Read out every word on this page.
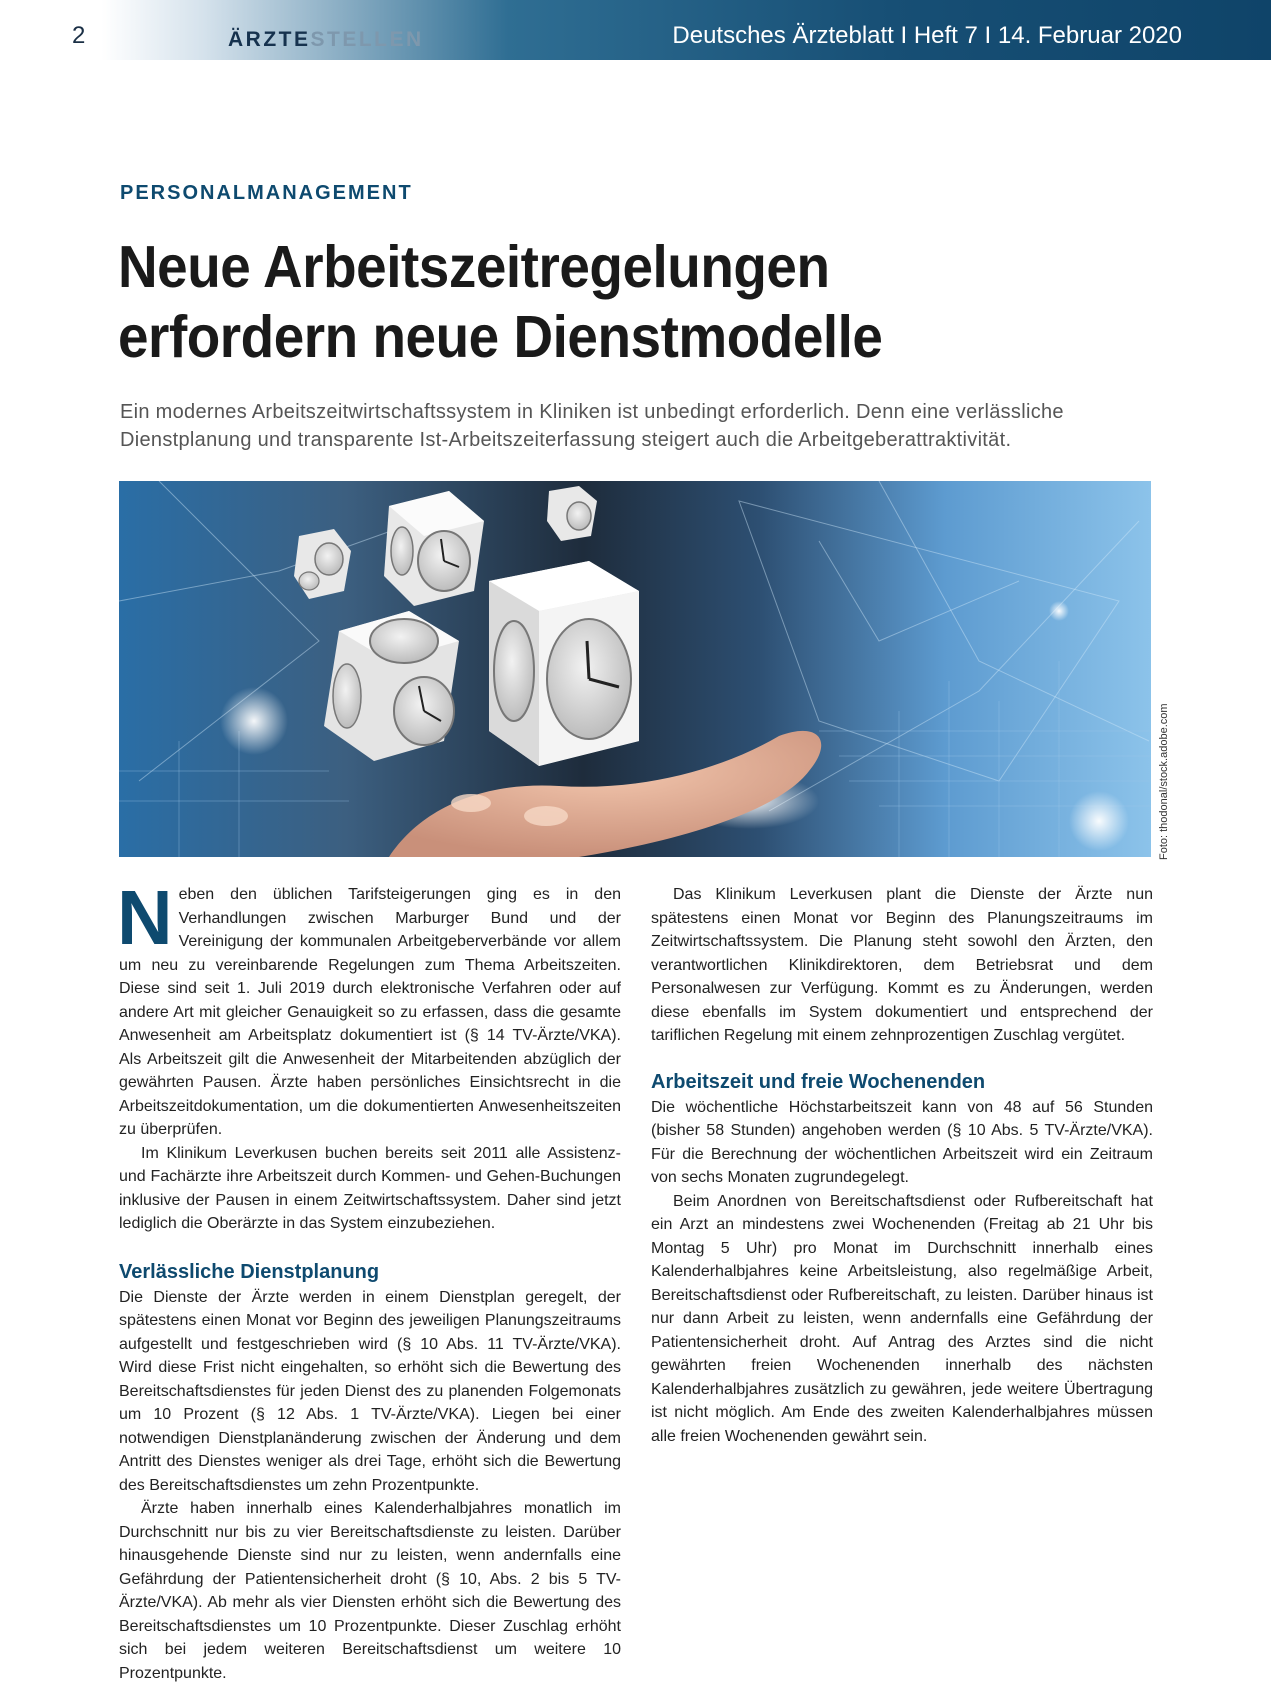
2	ÄRZTESTELLEN	Deutsches Ärzteblatt I Heft 7 I 14. Februar 2020
PERSONALMANAGEMENT
Neue Arbeitszeitregelungen
erfordern neue Dienstmodelle

Ein modernes Arbeitszeitwirtschaftssystem in Kliniken ist unbedingt erforderlich. Denn eine verlässliche Dienstplanung und transparente Ist-Arbeitszeiterfassung steigert auch die Arbeitgeberattraktivität.

Foto: thodonal/stock.adobe.com

Neben den üblichen Tarifsteigerungen ging es in den Verhandlungen zwischen Marburger Bund und der Vereinigung der kommunalen Arbeitgeberverbände vor allem um neu zu vereinbarende Regelungen zum Thema Arbeitszeiten. Diese sind seit 1. Juli 2019 durch elektronische Verfahren oder auf andere Art mit gleicher Genauigkeit so zu erfassen, dass die gesamte Anwesenheit am Arbeitsplatz dokumentiert ist (§ 14 TV-Ärzte/VKA). Als Arbeitszeit gilt die Anwesenheit der Mitarbeitenden abzüglich der gewährten Pausen. Ärzte haben persönliches Einsichtsrecht in die Arbeitszeitdokumentation, um die dokumentierten Anwesenheitszeiten zu überprüfen.

Im Klinikum Leverkusen buchen bereits seit 2011 alle Assistenz- und Fachärzte ihre Arbeitszeit durch Kommen- und Gehen-Buchungen inklusive der Pausen in einem Zeitwirtschaftssystem. Daher sind jetzt lediglich die Oberärzte in das System einzubeziehen.

Verlässliche Dienstplanung

Die Dienste der Ärzte werden in einem Dienstplan geregelt, der spätestens einen Monat vor Beginn des jeweiligen Planungszeitraums aufgestellt und festgeschrieben wird (§ 10 Abs. 11 TV-Ärzte/VKA). Wird diese Frist nicht eingehalten, so erhöht sich die Bewertung des Bereitschaftsdienstes für jeden Dienst des zu planenden Folgemonats um 10 Prozent (§ 12 Abs. 1 TV-Ärzte/VKA). Liegen bei einer notwendigen Dienstplanänderung zwischen der Änderung und dem Antritt des Dienstes weniger als drei Tage, erhöht sich die Bewertung des Bereitschaftsdienstes um zehn Prozentpunkte.

Ärzte haben innerhalb eines Kalenderhalbjahres monatlich im Durchschnitt nur bis zu vier Bereitschaftsdienste zu leisten. Darüber hinausgehende Dienste sind nur zu leisten, wenn andernfalls eine Gefährdung der Patientensicherheit droht (§ 10, Abs. 2 bis 5 TV-Ärzte/VKA). Ab mehr als vier Diensten erhöht sich die Bewertung des Bereitschaftsdienstes um 10 Prozentpunkte. Dieser Zuschlag erhöht sich bei jedem weiteren Bereitschaftsdienst um weitere 10 Prozentpunkte.

Das Klinikum Leverkusen plant die Dienste der Ärzte nun spätestens einen Monat vor Beginn des Planungszeitraums im Zeitwirtschaftssystem. Die Planung steht sowohl den Ärzten, den verantwortlichen Klinikdirektoren, dem Betriebsrat und dem Personalwesen zur Verfügung. Kommt es zu Änderungen, werden diese ebenfalls im System dokumentiert und entsprechend der tariflichen Regelung mit einem zehnprozentigen Zuschlag vergütet.

Arbeitszeit und freie Wochenenden

Die wöchentliche Höchstarbeitszeit kann von 48 auf 56 Stunden (bisher 58 Stunden) angehoben werden (§ 10 Abs. 5 TV-Ärzte/VKA). Für die Berechnung der wöchentlichen Arbeitszeit wird ein Zeitraum von sechs Monaten zugrundegelegt.

Beim Anordnen von Bereitschaftsdienst oder Rufbereitschaft hat ein Arzt an mindestens zwei Wochenenden (Freitag ab 21 Uhr bis Montag 5 Uhr) pro Monat im Durchschnitt innerhalb eines Kalenderhalbjahres keine Arbeitsleistung, also regelmäßige Arbeit, Bereitschaftsdienst oder Rufbereitschaft, zu leisten. Darüber hinaus ist nur dann Arbeit zu leisten, wenn andernfalls eine Gefährdung der Patientensicherheit droht. Auf Antrag des Arztes sind die nicht gewährten freien Wochenenden innerhalb des nächsten Kalenderhalbjahres zusätzlich zu gewähren, jede weitere Übertragung ist nicht möglich. Am Ende des zweiten Kalenderhalbjahres müssen alle freien Wochenenden gewährt sein.
